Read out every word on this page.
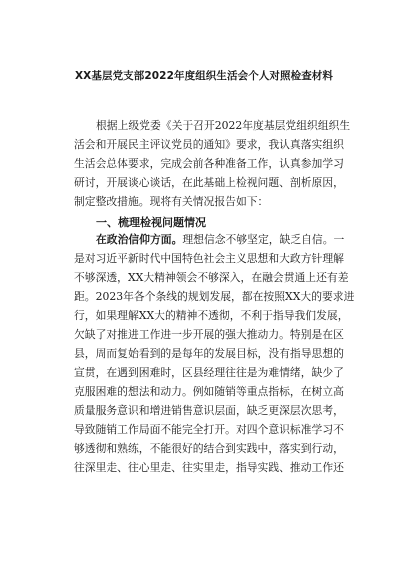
XX基层党支部2022年度组织生活会个人对照检查材料
根据上级党委《关于召开2022年度基层党组织组织生
活会和开展民主评议党员的通知》要求，我认真落实组织
生活会总体要求，完成会前各种准备工作，认真参加学习
研讨，开展谈心谈话，在此基础上检视问题、剖析原因，
制定整改措施。现将有关情况报告如下：
一、梳理检视问题情况
在政治信仰方面。理想信念不够坚定，缺乏自信。一
是对习近平新时代中国特色社会主义思想和大政方针理解
不够深透，XX大精神领会不够深入，在融会贯通上还有差
距。2023年各个条线的规划发展，都在按照XX大的要求进
行，如果理解XX大的精神不透彻，不利于指导我们发展，
欠缺了对推进工作进一步开展的强大推动力。特别是在区
县，周而复始看到的是每年的发展目标，没有指导思想的
宣贯，在遇到困难时，区县经理往往是为难情绪，缺少了
克服困难的想法和动力。例如随销等重点指标，在树立高
质量服务意识和增进销售意识层面，缺乏更深层次思考，
导致随销工作局面不能完全打开。对四个意识标准学习不
够透彻和熟练，不能很好的结合到实践中，落实到行动，
往深里走、往心里走、往实里走，指导实践、推动工作还
